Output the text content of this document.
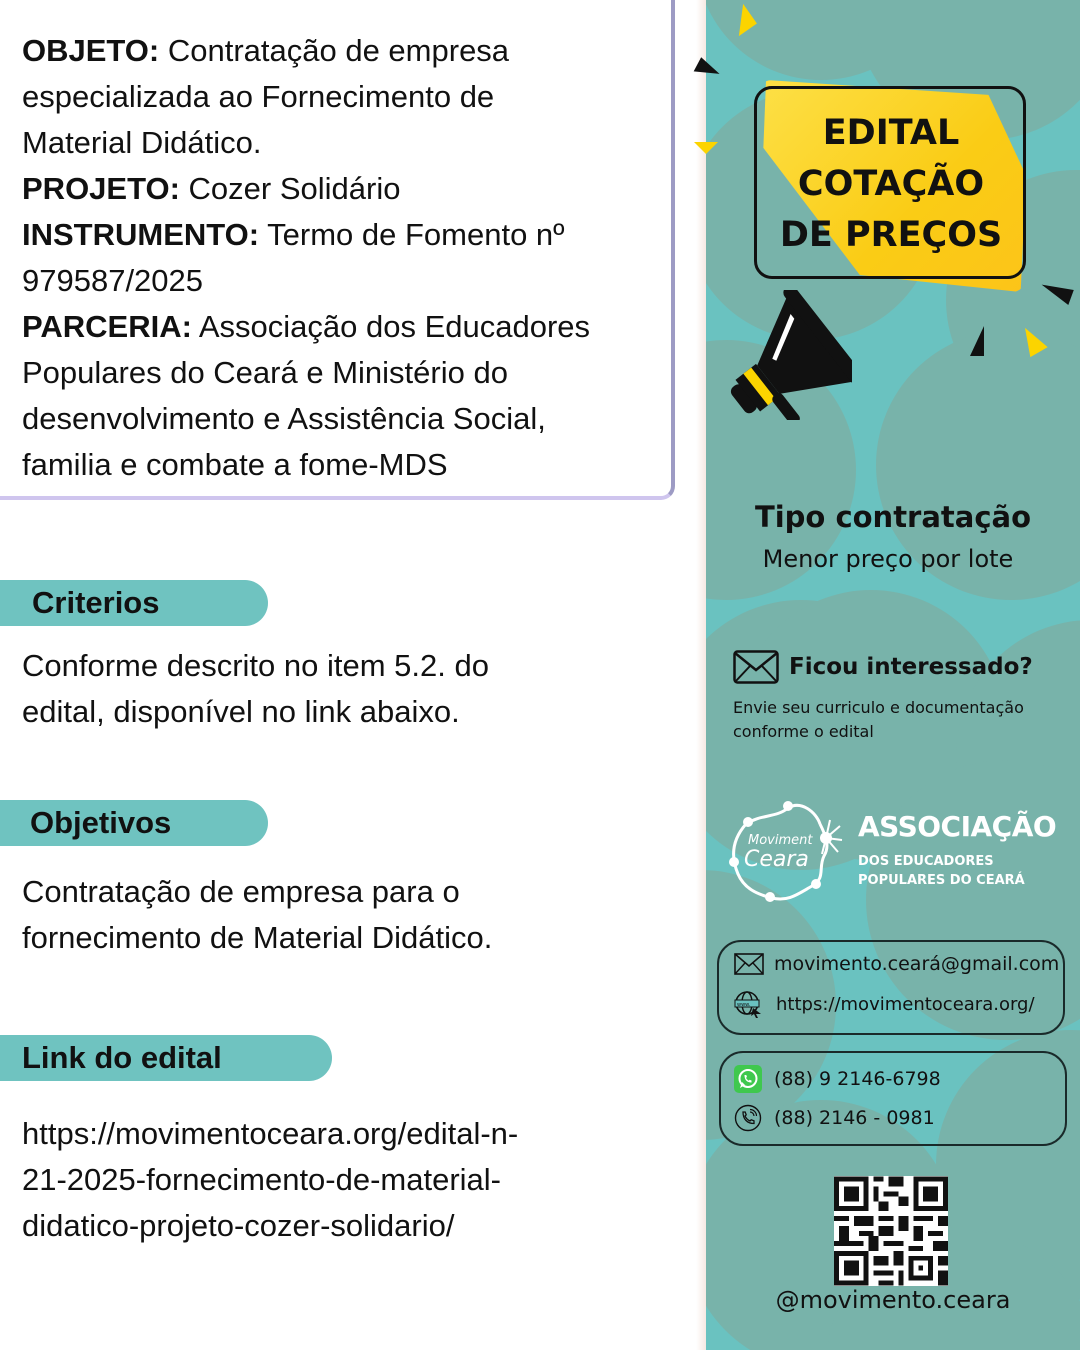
OBJETO: Contratação de empresa
especializada ao Fornecimento de
Material Didático.
PROJETO: Cozer Solidário
INSTRUMENTO: Termo de Fomento nº
979587/2025
PARCERIA: Associação dos Educadores
Populares do Ceará e Ministério do
desenvolvimento e Assistência Social,
familia e combate a fome-MDS
Criterios
Conforme descrito no item 5.2. do
edital, disponível no link abaixo.
Objetivos
Contratação de empresa para o
fornecimento de Material Didático.
Link do edital
https://movimentoceara.org/edital-n-
21-2025-fornecimento-de-material-
didatico-projeto-cozer-solidario/
EDITAL
COTAÇÃO
DE PREÇOS
Tipo contratação
Menor preço por lote
Ficou interessado?
Envie seu curriculo e documentação
conforme o edital
Moviment
Ceara
ASSOCIAÇÃO
DOS EDUCADORES
POPULARES DO CEARÁ
movimento.ceará@gmail.com
www. https://movimentoceara.org/
(88) 9 2146-6798
(88) 2146 - 0981
@movimento.ceara
